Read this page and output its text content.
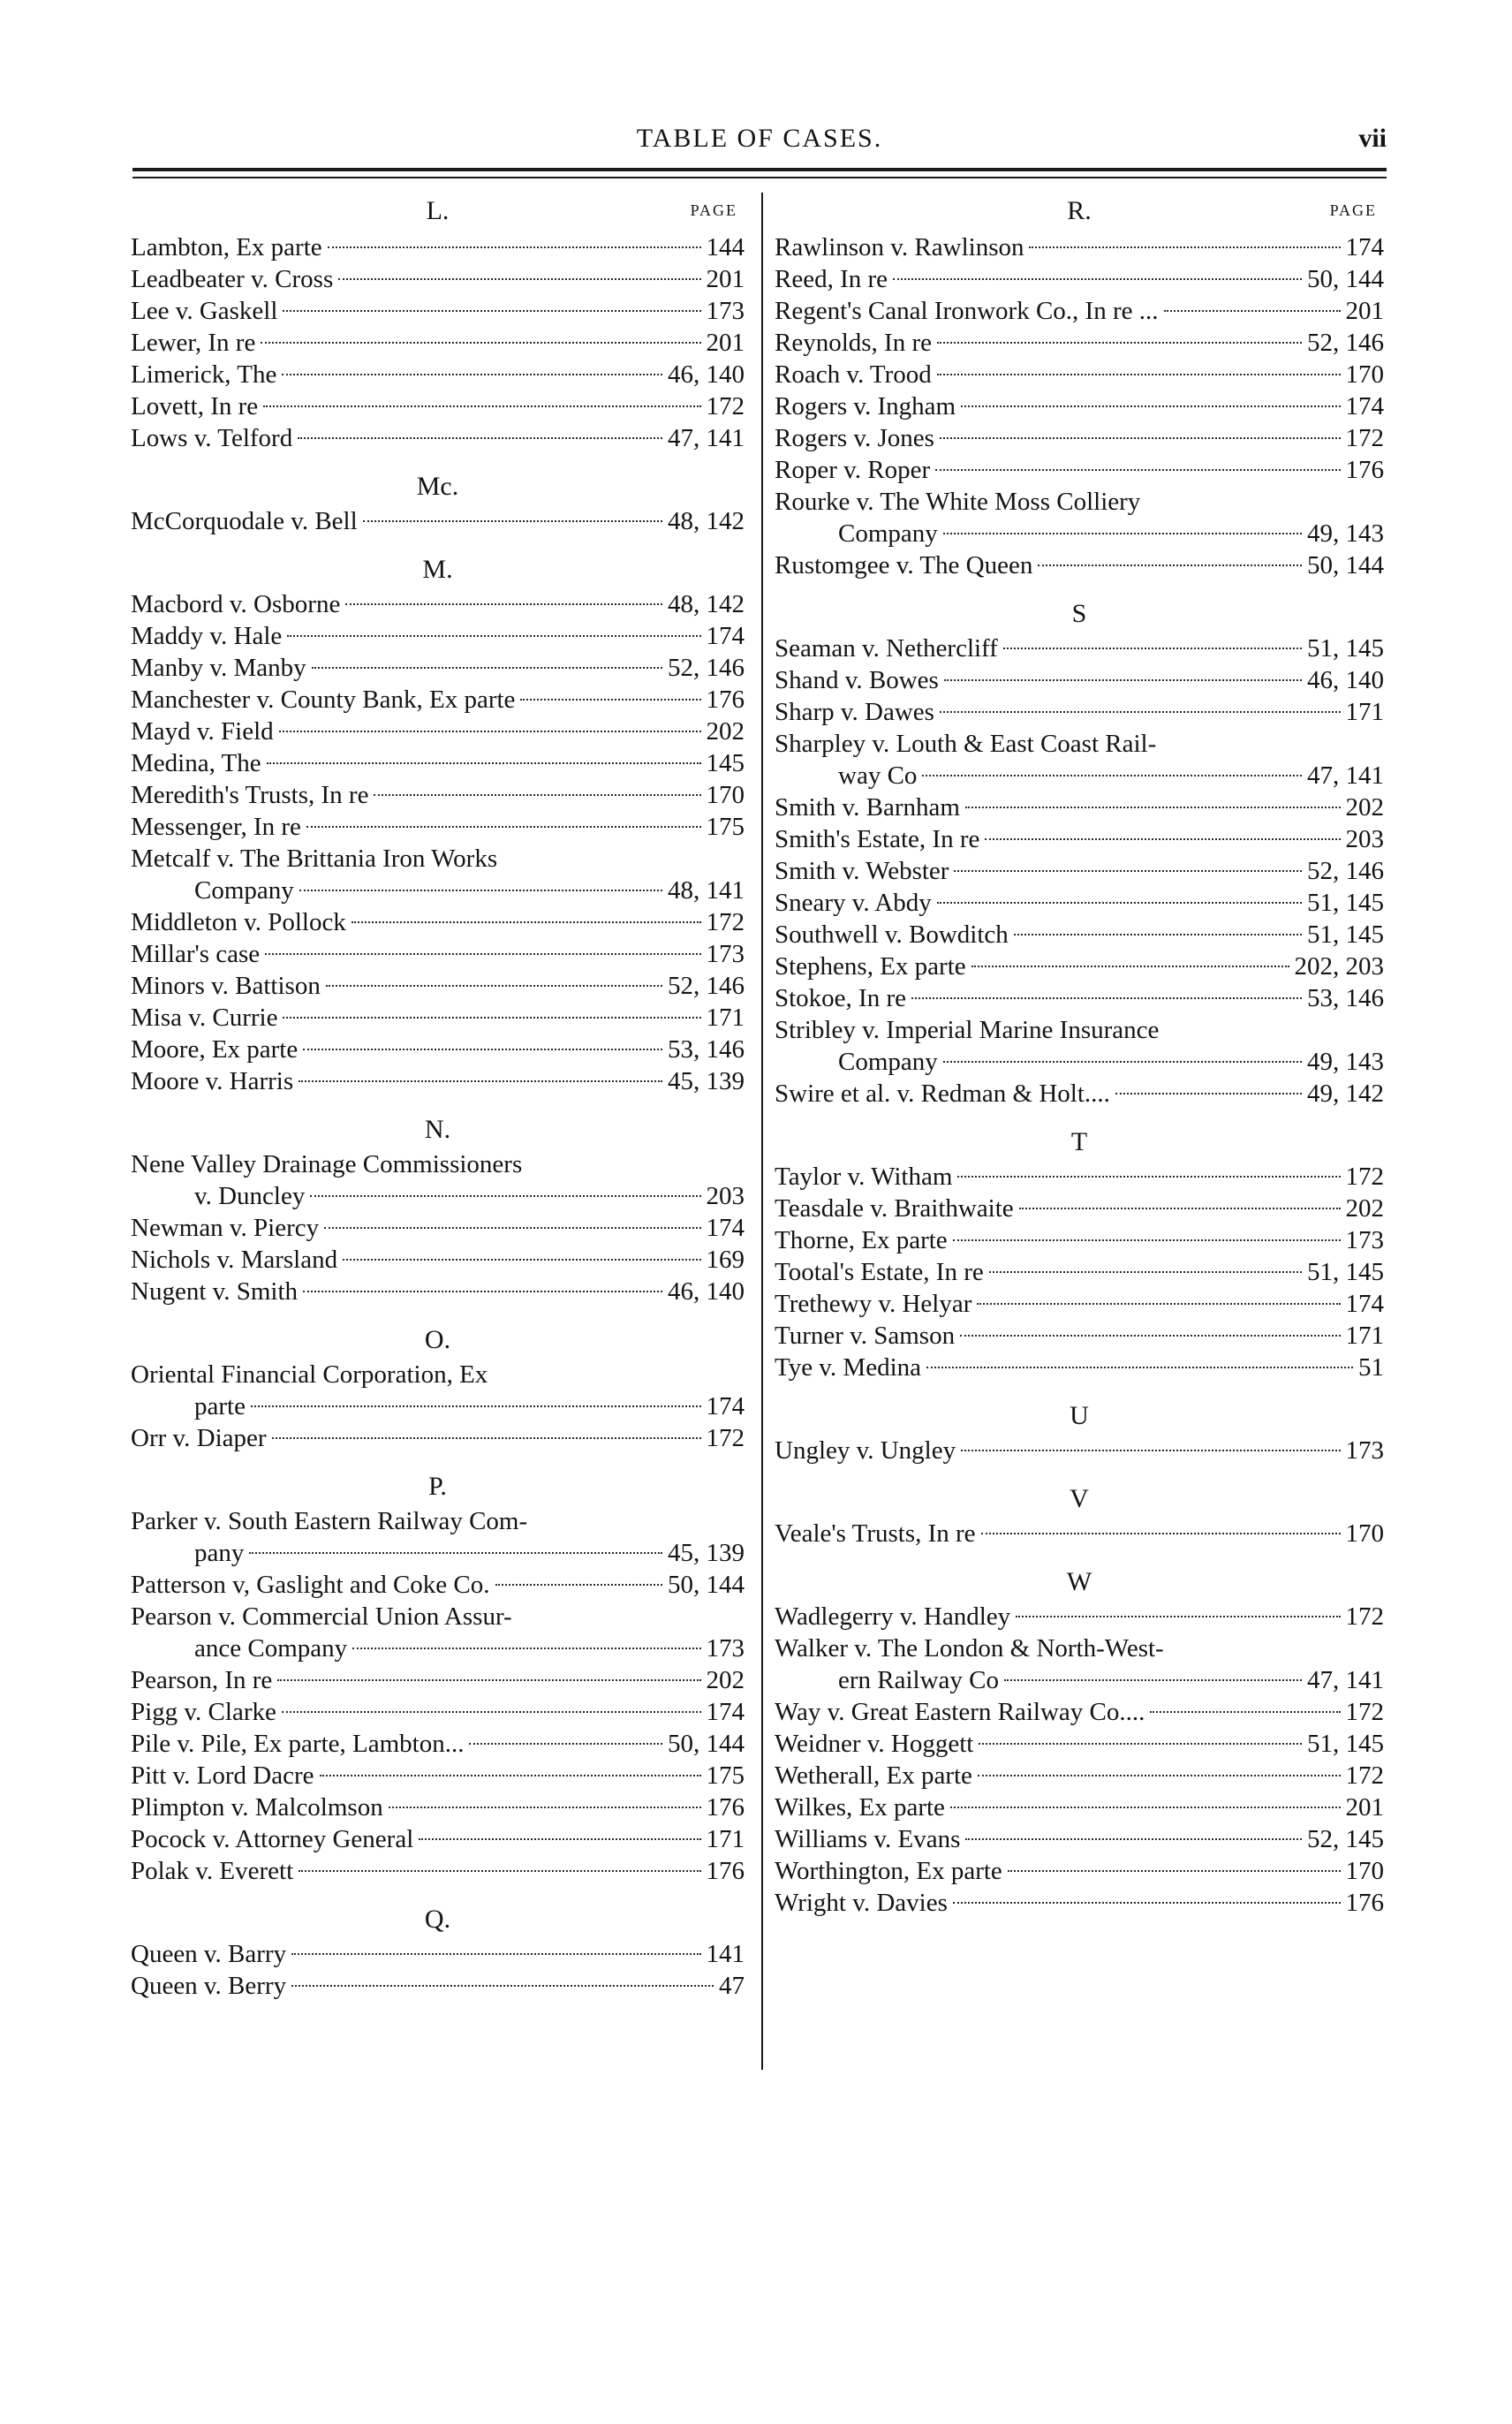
TABLE OF CASES.	vii
L.	PAGE
Lambton, Ex parte	144
Leadbeater v. Cross	201
Lee v. Gaskell	173
Lewer, In re	201
Limerick, The	46, 140
Lovett, In re	172
Lows v. Telford	47, 141
Mc.
McCorquodale v. Bell	48, 142
M.
Macbord v. Osborne	48, 142
Maddy v. Hale	174
Manby v. Manby	52, 146
Manchester v. County Bank, Ex parte	176
Mayd v. Field	202
Medina, The	145
Meredith's Trusts, In re	170
Messenger, In re	175
Metcalf v. The Brittania Iron Works
Company	48, 141
Middleton v. Pollock	172
Millar's case	173
Minors v. Battison	52, 146
Misa v. Currie	171
Moore, Ex parte	53, 146
Moore v. Harris	45, 139
N.
Nene Valley Drainage Commissioners
v. Duncley	203
Newman v. Piercy	174
Nichols v. Marsland	169
Nugent v. Smith	46, 140
O.
Oriental Financial Corporation, Ex
parte	174
Orr v. Diaper	172
P.
Parker v. South Eastern Railway Com-
pany	45, 139
Patterson v, Gaslight and Coke Co.	50, 144
Pearson v. Commercial Union Assur-
ance Company	173
Pearson, In re	202
Pigg v. Clarke	174
Pile v. Pile, Ex parte, Lambton...	50, 144
Pitt v. Lord Dacre	175
Plimpton v. Malcolmson	176
Pocock v. Attorney General	171
Polak v. Everett	176
Q.
Queen v. Barry	141
Queen v. Berry	47
R.	PAGE
Rawlinson v. Rawlinson	174
Reed, In re	50, 144
Regent's Canal Ironwork Co., In re ...	201
Reynolds, In re	52, 146
Roach v. Trood	170
Rogers v. Ingham	174
Rogers v. Jones	172
Roper v. Roper	176
Rourke v. The White Moss Colliery
Company	49, 143
Rustomgee v. The Queen	50, 144
S
Seaman v. Nethercliff	51, 145
Shand v. Bowes	46, 140
Sharp v. Dawes	171
Sharpley v. Louth & East Coast Rail-
way Co	47, 141
Smith v. Barnham	202
Smith's Estate, In re	203
Smith v. Webster	52, 146
Sneary v. Abdy	51, 145
Southwell v. Bowditch	51, 145
Stephens, Ex parte	202, 203
Stokoe, In re	53, 146
Stribley v. Imperial Marine Insurance
Company	49, 143
Swire et al. v. Redman & Holt....	49, 142
T
Taylor v. Witham	172
Teasdale v. Braithwaite	202
Thorne, Ex parte	173
Tootal's Estate, In re	51, 145
Trethewy v. Helyar	174
Turner v. Samson	171
Tye v. Medina	51
U
Ungley v. Ungley	173
V
Veale's Trusts, In re	170
W
Wadlegerry v. Handley	172
Walker v. The London & North-West-
ern Railway Co	47, 141
Way v. Great Eastern Railway Co....	172
Weidner v. Hoggett	51, 145
Wetherall, Ex parte	172
Wilkes, Ex parte	201
Williams v. Evans	52, 145
Worthington, Ex parte	170
Wright v. Davies	176
